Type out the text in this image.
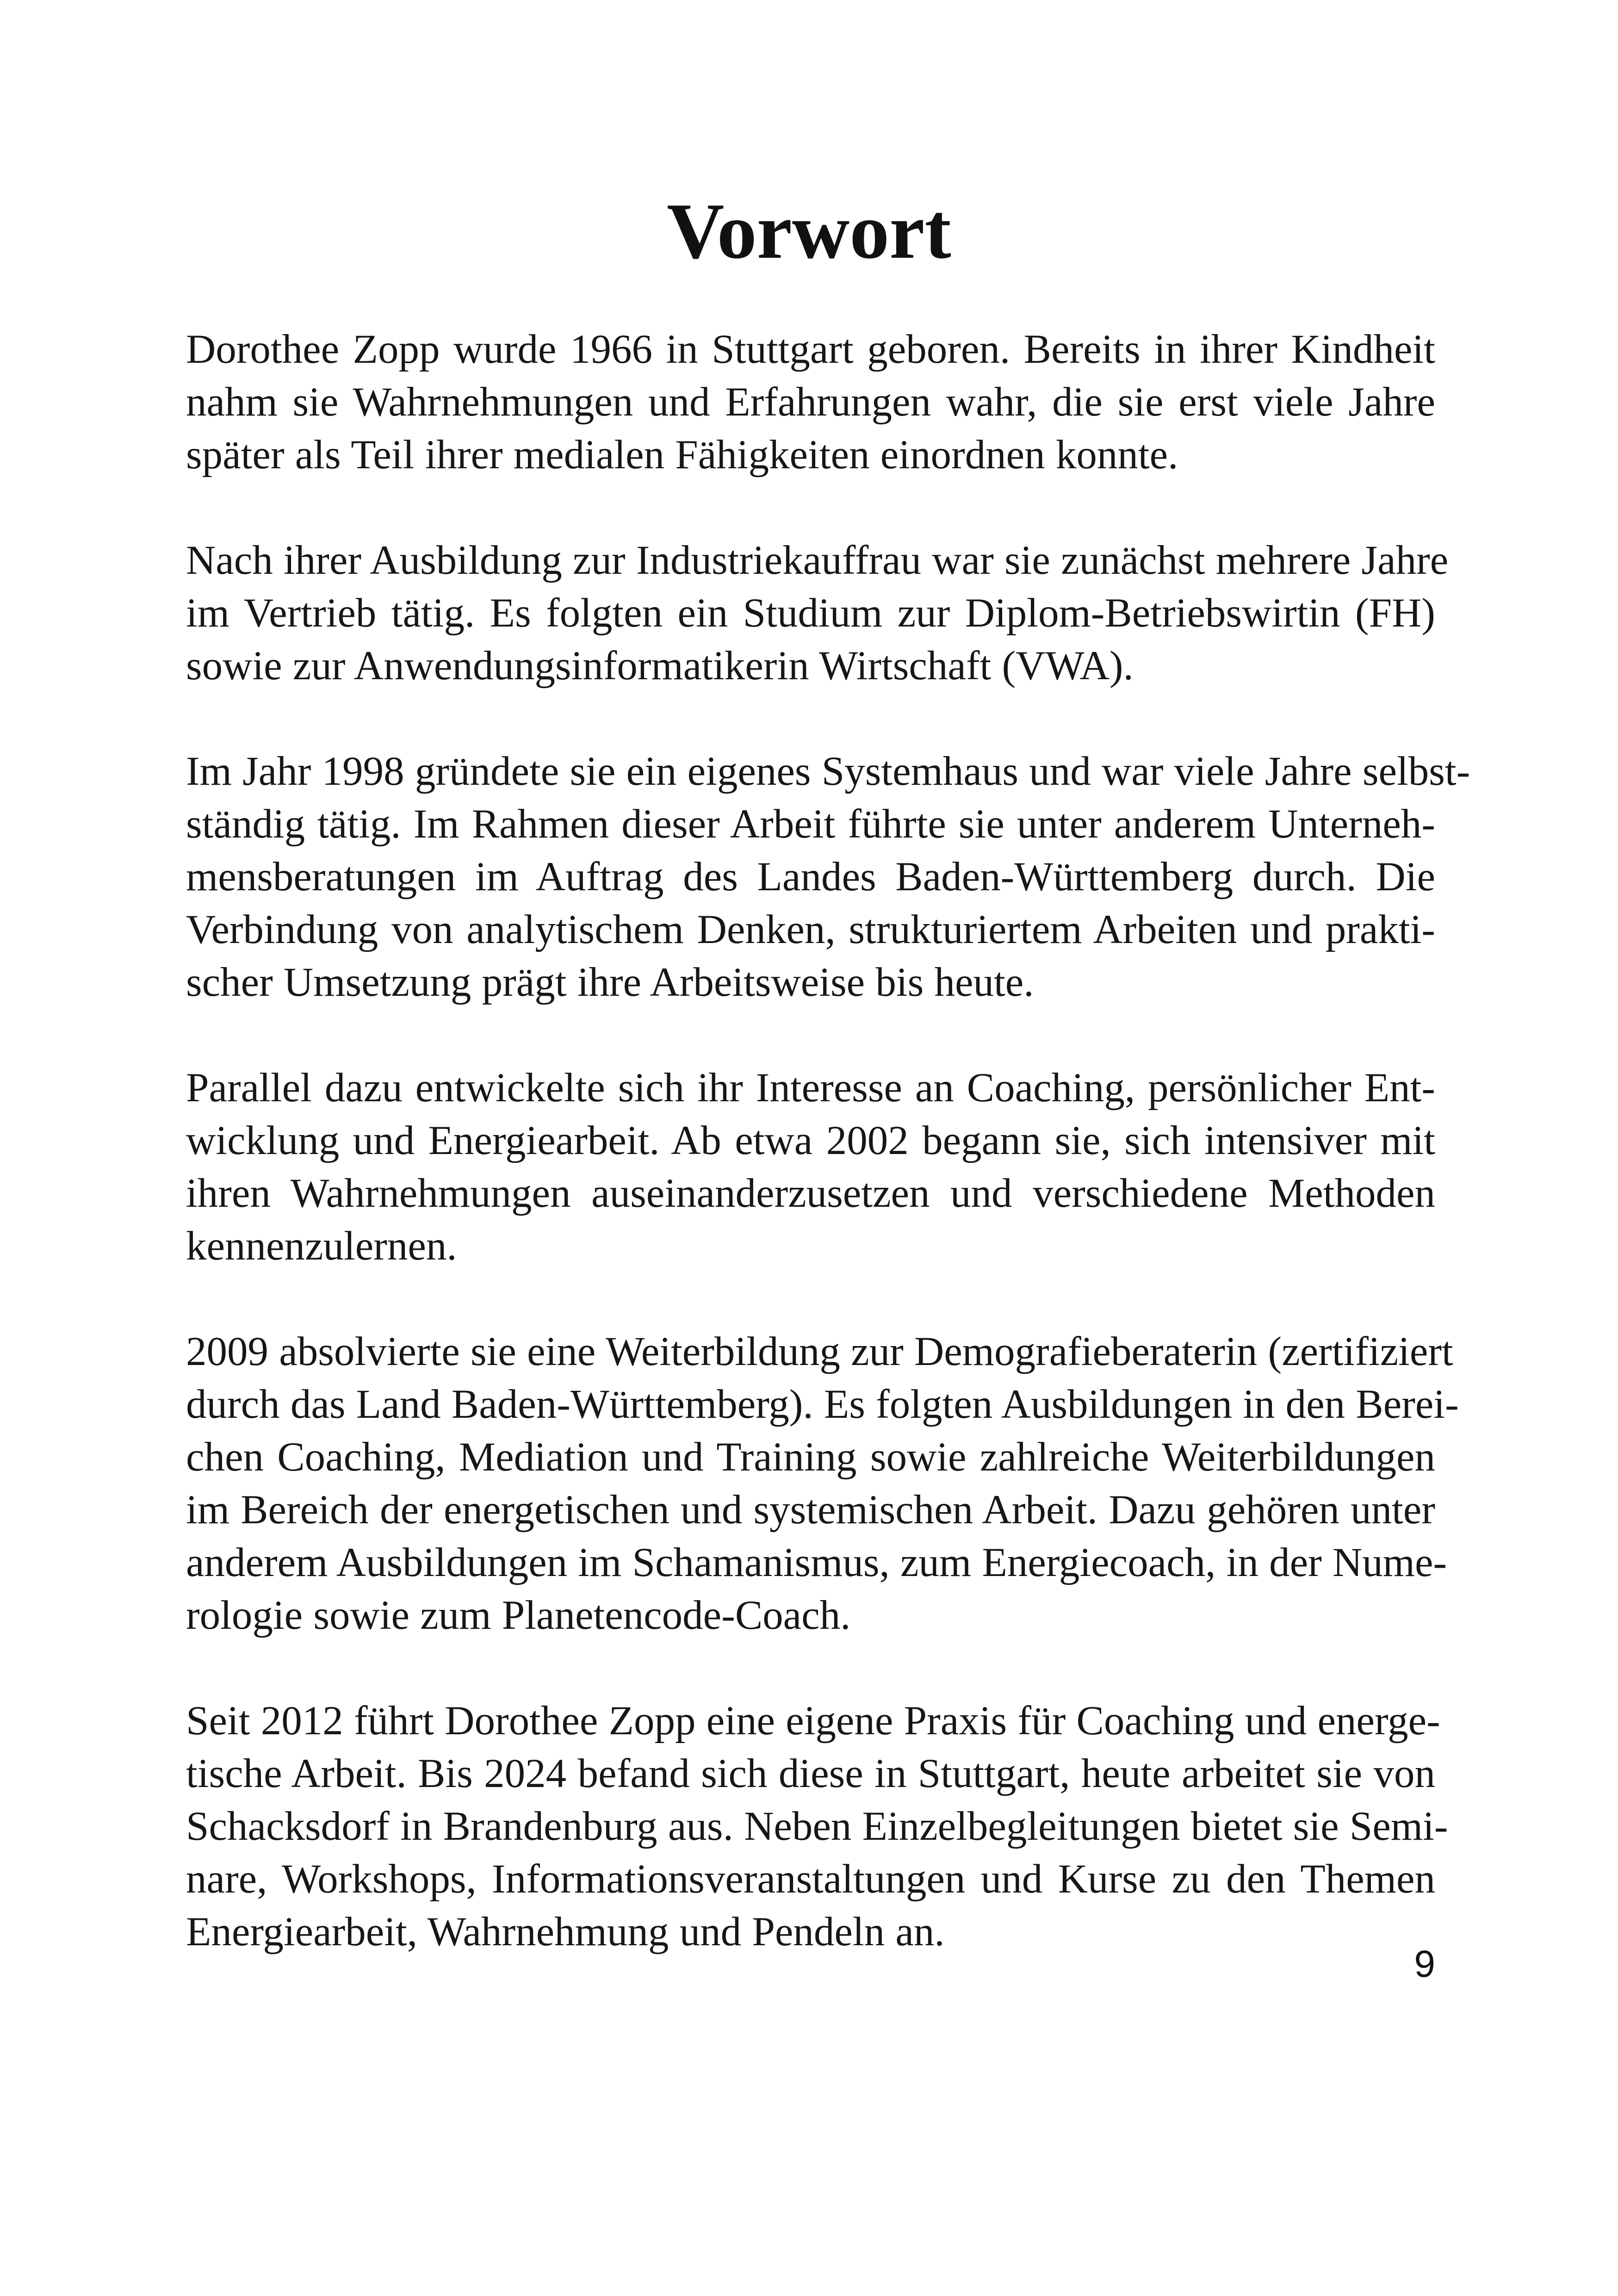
Vorwort

Dorothee Zopp wurde 1966 in Stuttgart geboren. Bereits in ihrer Kindheit
nahm sie Wahrnehmungen und Erfahrungen wahr, die sie erst viele Jahre
später als Teil ihrer medialen Fähigkeiten einordnen konnte.

Nach ihrer Ausbildung zur Industriekauffrau war sie zunächst mehrere Jahre
im Vertrieb tätig. Es folgten ein Studium zur Diplom-Betriebswirtin (FH)
sowie zur Anwendungsinformatikerin Wirtschaft (VWA).

Im Jahr 1998 gründete sie ein eigenes Systemhaus und war viele Jahre selbst-
ständig tätig. Im Rahmen dieser Arbeit führte sie unter anderem Unterneh-
mensberatungen im Auftrag des Landes Baden-Württemberg durch. Die
Verbindung von analytischem Denken, strukturiertem Arbeiten und prakti-
scher Umsetzung prägt ihre Arbeitsweise bis heute.

Parallel dazu entwickelte sich ihr Interesse an Coaching, persönlicher Ent-
wicklung und Energiearbeit. Ab etwa 2002 begann sie, sich intensiver mit
ihren Wahrnehmungen auseinanderzusetzen und verschiedene Methoden
kennenzulernen.

2009 absolvierte sie eine Weiterbildung zur Demografieberaterin (zertifiziert
durch das Land Baden-Württemberg). Es folgten Ausbildungen in den Berei-
chen Coaching, Mediation und Training sowie zahlreiche Weiterbildungen
im Bereich der energetischen und systemischen Arbeit. Dazu gehören unter
anderem Ausbildungen im Schamanismus, zum Energiecoach, in der Nume-
rologie sowie zum Planetencode-Coach.

Seit 2012 führt Dorothee Zopp eine eigene Praxis für Coaching und energe-
tische Arbeit. Bis 2024 befand sich diese in Stuttgart, heute arbeitet sie von
Schacksdorf in Brandenburg aus. Neben Einzelbegleitungen bietet sie Semi-
nare, Workshops, Informationsveranstaltungen und Kurse zu den Themen
Energiearbeit, Wahrnehmung und Pendeln an.

9
